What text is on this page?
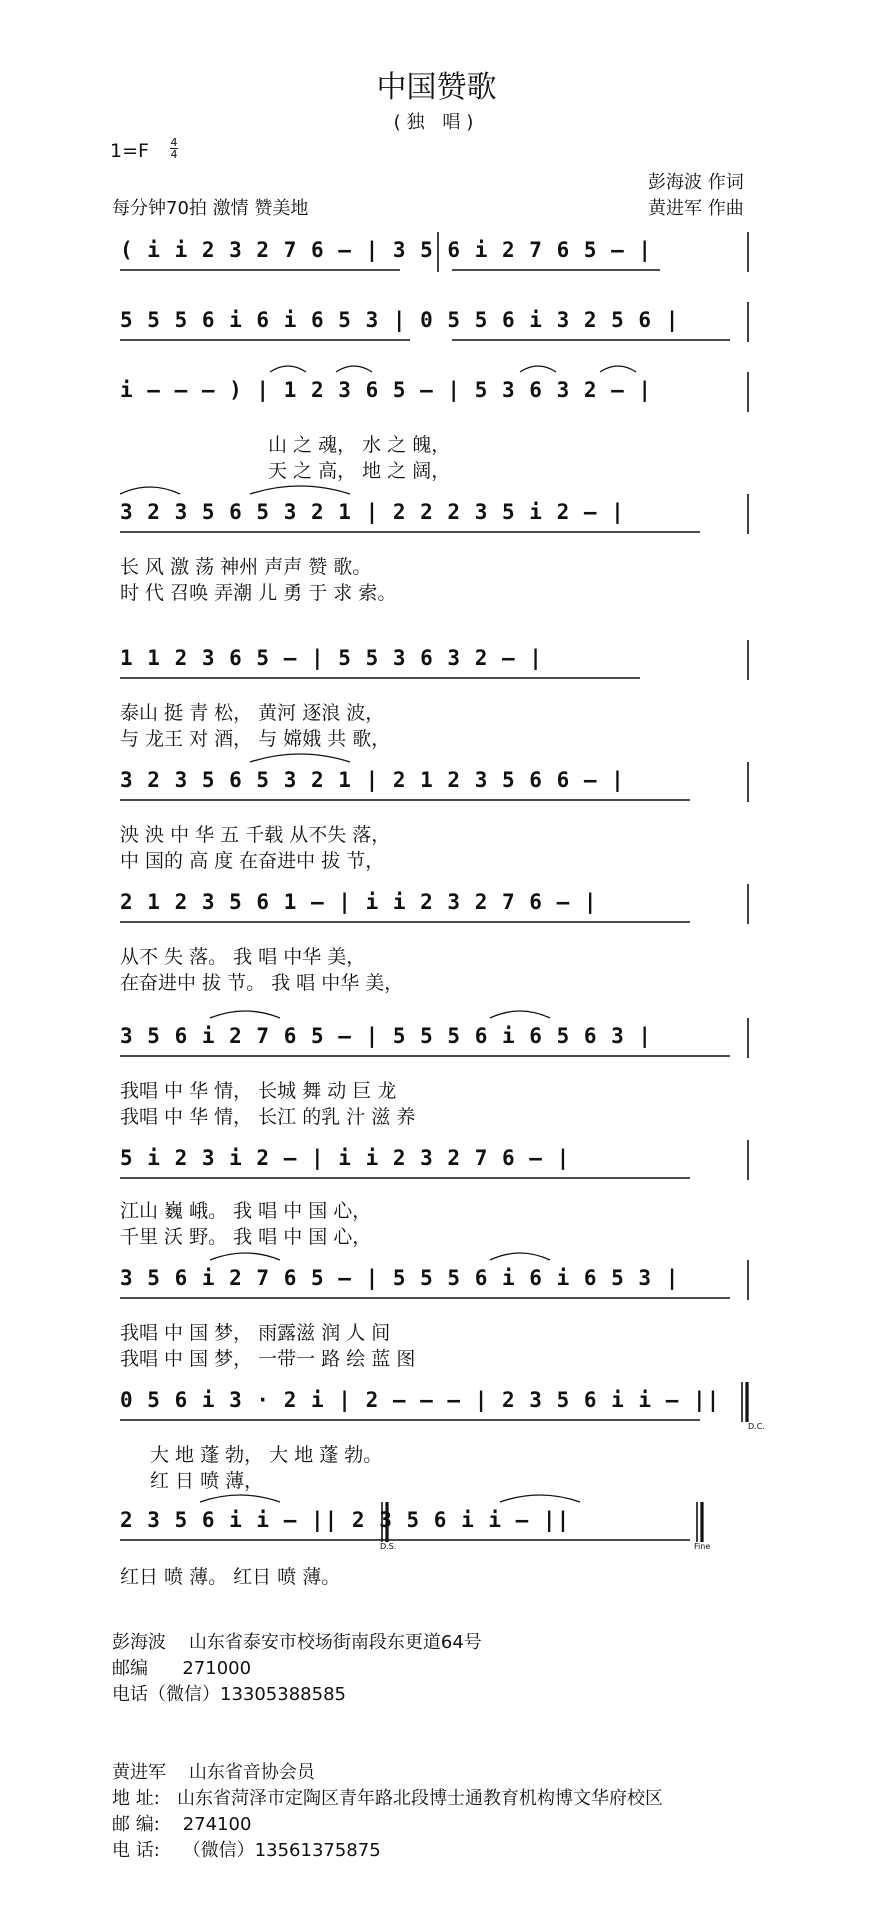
中国赞歌
(独 唱)
1=F 4
4
彭海波 作词
每分钟70拍 激情 赞美地	黄进军 作曲
( i i 2 3 2 7 6 — | 3 5 6 i 2 7 6 5 — |
5 5 5 6 i 6 i 6 5 3 | 0 5 5 6 i 3 2 5 6 |
i — — — ) | 1 2 3 6 5 — | 5 3 6 3 2 — |
山 之 魂， 水 之 魄，
天 之 高， 地 之 阔，
3 2 3 5 6 5 3 2 1 | 2 2 2 3 5 i 2 — |
长 风 激 荡 神州 声声 赞 歌。
时 代 召唤 弄潮 儿 勇 于 求 索。
1 1 2 3 6 5 — | 5 5 3 6 3 2 — |
泰山 挺 青 松， 黄河 逐浪 波，
与 龙王 对 酒， 与 嫦娥 共 歌，
3 2 3 5 6 5 3 2 1 | 2 1 2 3 5 6 6 — |
泱 泱 中 华 五 千载 从不失 落，
中 国的 高 度 在奋进中 拔 节，
2 1 2 3 5 6 1 — | i i 2 3 2 7 6 — |
从不 失 落。 我 唱 中华 美，
在奋进中 拔 节。 我 唱 中华 美，
3 5 6 i 2 7 6 5 — | 5 5 5 6 i 6 5 6 3 |
我唱 中 华 情， 长城 舞 动 巨 龙
我唱 中 华 情， 长江 的乳 汁 滋 养
5 i 2 3 i 2 — | i i 2 3 2 7 6 — |
江山 巍 峨。 我 唱 中 国 心，
千里 沃 野。 我 唱 中 国 心，
3 5 6 i 2 7 6 5 — | 5 5 5 6 i 6 i 6 5 3 |
我唱 中 国 梦， 雨露滋 润 人 间
我唱 中 国 梦， 一带一 路 绘 蓝 图
0 5 6 i 3 · 2 i | 2 — — — | 2 3 5 6 i i — ||
大 地 蓬 勃， 大 地 蓬 勃。
红 日 喷 薄，
2 3 5 6 i i — || 2 3 5 6 i i — ||
红日 喷 薄。 红日 喷 薄。
D.C.
D.S.	Fine
彭海波 山东省泰安市校场街南段东更道64号
邮编 271000
电话（微信）13305388585
黄进军 山东省音协会员
地 址: 山东省菏泽市定陶区青年路北段博士通教育机构博文华府校区
邮 编: 274100
电 话: （微信）13561375875
